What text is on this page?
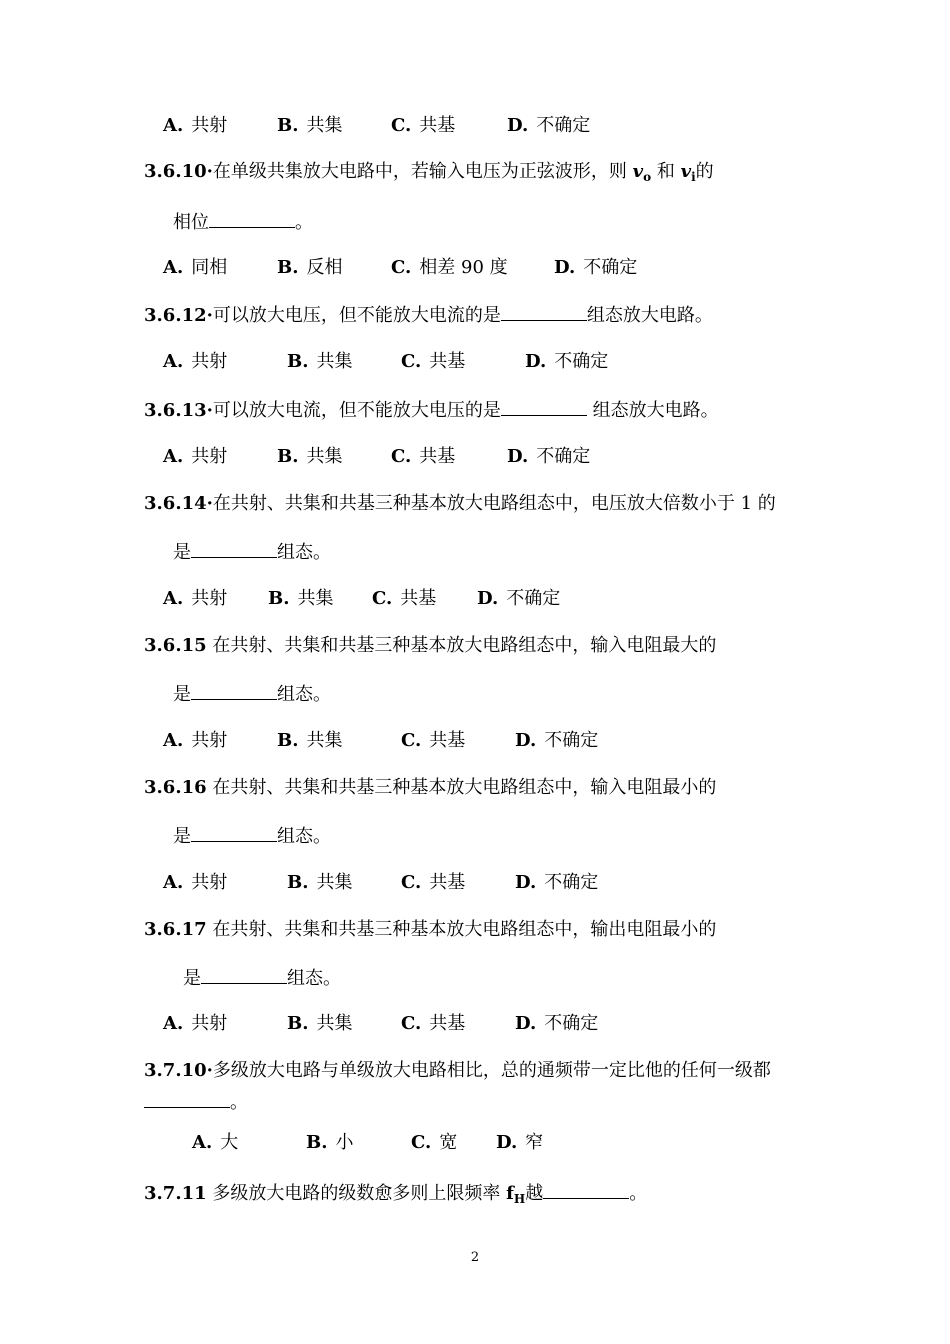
A. 共射	B. 共集	C. 共基	D. 不确定
3.6.10·在单级共集放大电路中，若输入电压为正弦波形，则 $v_o$ 和 $v_i$的
相位	。
A. 同相	B. 反相	C. 相差 90 度	D. 不确定
3.6.12·可以放大电压，但不能放大电流的是	组态放大电路。
A. 共射	B. 共集	C. 共基	D. 不确定
3.6.13·可以放大电流，但不能放大电压的是	组态放大电路。
A. 共射	B. 共集	C. 共基	D. 不确定
3.6.14·在共射、共集和共基三种基本放大电路组态中，电压放大倍数小于 1 的
是	组态。
A. 共射 B. 共集 C. 共基 D. 不确定
3.6.15 在共射、共集和共基三种基本放大电路组态中，输入电阻最大的
是	组态。
A. 共射	B. 共集	C. 共基	D. 不确定
3.6.16 在共射、共集和共基三种基本放大电路组态中，输入电阻最小的
是	组态。
A. 共射	B. 共集	C. 共基	D. 不确定
3.6.17 在共射、共集和共基三种基本放大电路组态中，输出电阻最小的
是	组态。
A. 共射	B. 共集	C. 共基	D. 不确定
3.7.10·多级放大电路与单级放大电路相比，总的通频带一定比他的任何一级都
。
A. 大	B. 小	C. 宽 D. 窄
3.7.11 多级放大电路的级数愈多则上限频率 $f_H$越	。
2
